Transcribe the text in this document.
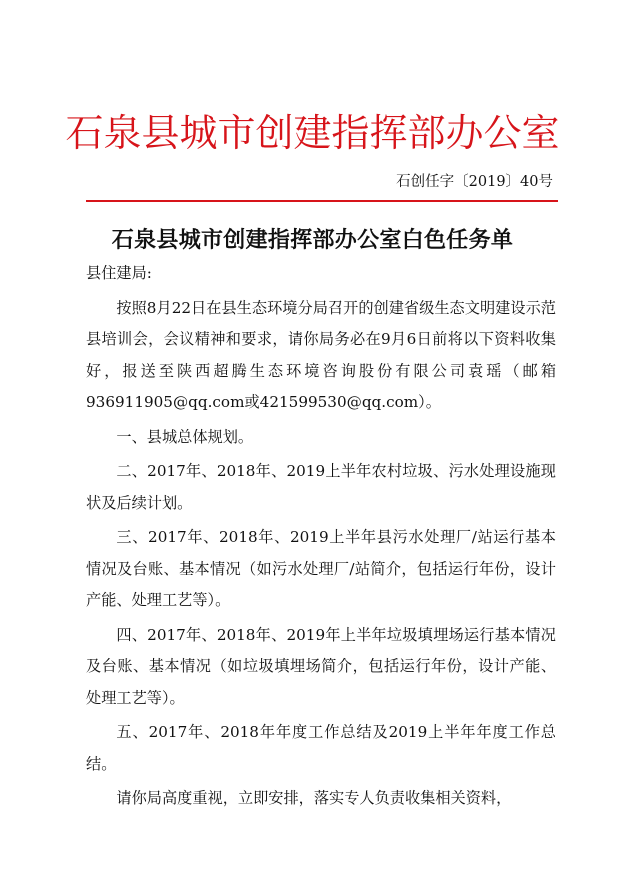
石泉县城市创建指挥部办公室
石创任字〔2019〕40号
石泉县城市创建指挥部办公室白色任务单

县住建局:

按照8月22日在县生态环境分局召开的创建省级生态文明建设示范县培训会，会议精神和要求，请你局务必在9月6日前将以下资料收集好，报送至陕西超腾生态环境咨询股份有限公司袁瑶（邮箱936911905@qq.com或421599530@qq.com）。

一、县城总体规划。

二、2017年、2018年、2019上半年农村垃圾、污水处理设施现状及后续计划。

三、2017年、2018年、2019上半年县污水处理厂/站运行基本情况及台账、基本情况（如污水处理厂/站简介，包括运行年份，设计产能、处理工艺等）。

四、2017年、2018年、2019年上半年垃圾填埋场运行基本情况及台账、基本情况（如垃圾填埋场简介，包括运行年份，设计产能、处理工艺等）。

五、2017年、2018年年度工作总结及2019上半年年度工作总结。

请你局高度重视，立即安排，落实专人负责收集相关资料，
